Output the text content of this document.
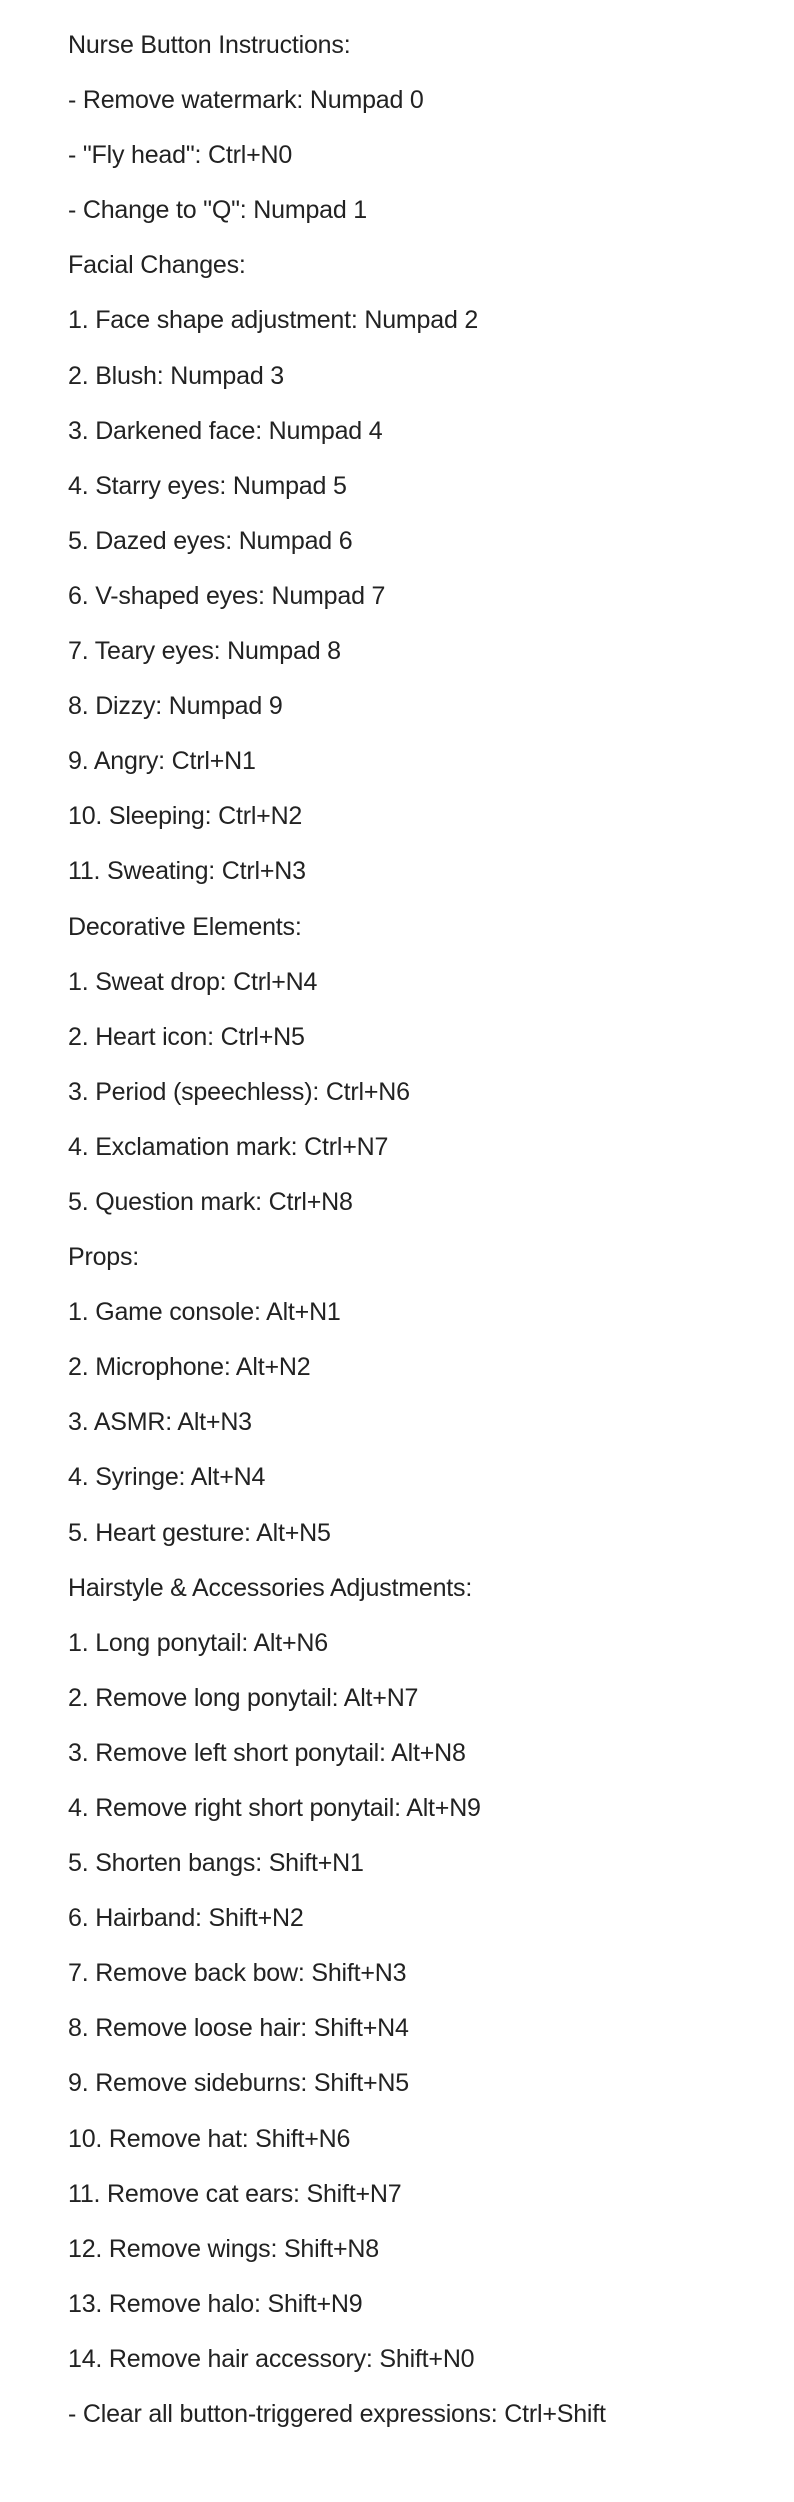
Nurse Button Instructions:
- Remove watermark: Numpad 0
- "Fly head": Ctrl+N0
- Change to "Q": Numpad 1
Facial Changes:
1. Face shape adjustment: Numpad 2
2. Blush: Numpad 3
3. Darkened face: Numpad 4
4. Starry eyes: Numpad 5
5. Dazed eyes: Numpad 6
6. V-shaped eyes: Numpad 7
7. Teary eyes: Numpad 8
8. Dizzy: Numpad 9
9. Angry: Ctrl+N1
10. Sleeping: Ctrl+N2
11. Sweating: Ctrl+N3
Decorative Elements:
1. Sweat drop: Ctrl+N4
2. Heart icon: Ctrl+N5
3. Period (speechless): Ctrl+N6
4. Exclamation mark: Ctrl+N7
5. Question mark: Ctrl+N8
Props:
1. Game console: Alt+N1
2. Microphone: Alt+N2
3. ASMR: Alt+N3
4. Syringe: Alt+N4
5. Heart gesture: Alt+N5
Hairstyle & Accessories Adjustments:
1. Long ponytail: Alt+N6
2. Remove long ponytail: Alt+N7
3. Remove left short ponytail: Alt+N8
4. Remove right short ponytail: Alt+N9
5. Shorten bangs: Shift+N1
6. Hairband: Shift+N2
7. Remove back bow: Shift+N3
8. Remove loose hair: Shift+N4
9. Remove sideburns: Shift+N5
10. Remove hat: Shift+N6
11. Remove cat ears: Shift+N7
12. Remove wings: Shift+N8
13. Remove halo: Shift+N9
14. Remove hair accessory: Shift+N0
- Clear all button-triggered expressions: Ctrl+Shift
